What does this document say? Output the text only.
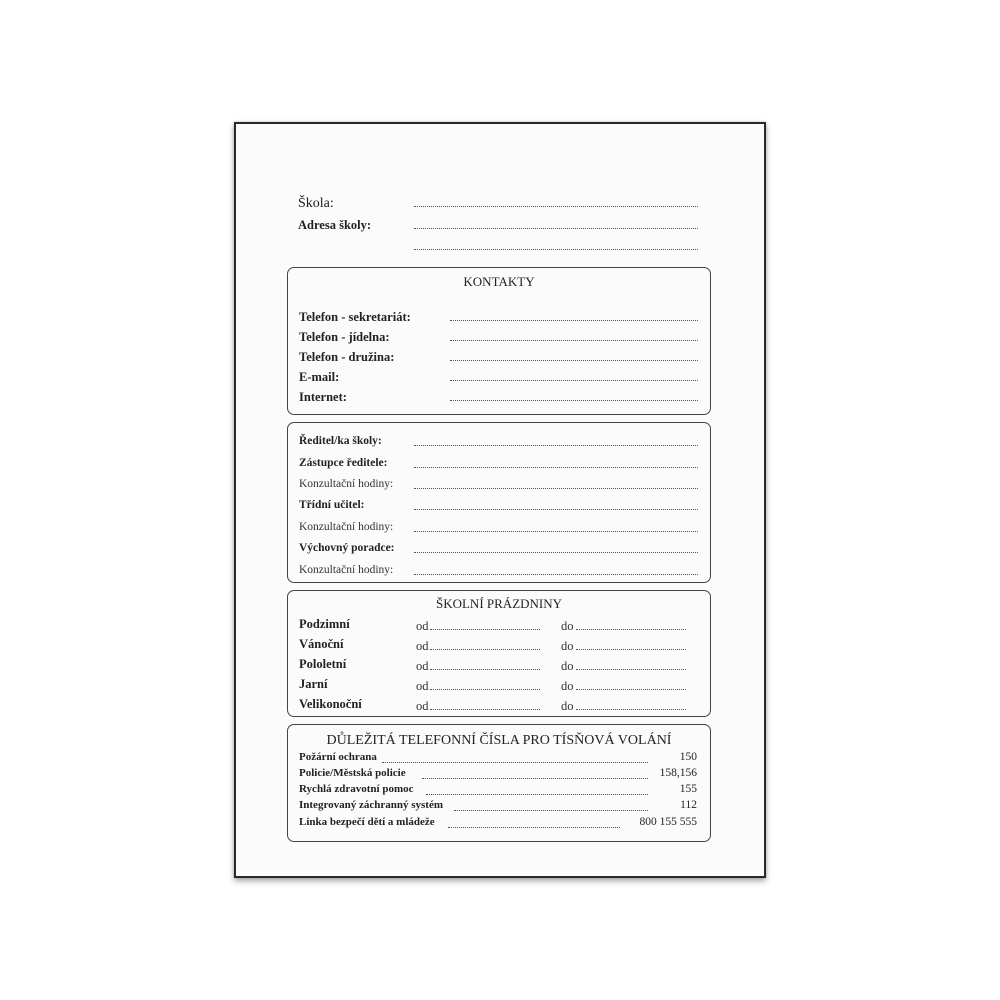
Škola:
Adresa školy:
KONTAKTY
Telefon - sekretariát:
Telefon - jídelna:
Telefon - družina:
E-mail:
Internet:
Ředitel/ka školy:
Zástupce ředitele:
Konzultační hodiny:
Třídní učitel:
Konzultační hodiny:
Výchovný poradce:
Konzultační hodiny:
ŠKOLNÍ PRÁZDNINY
Podzimní	od	do
Vánoční	od	do
Pololetní	od	do
Jarní	od	do
Velikonoční	od	do
DŮLEŽITÁ TELEFONNÍ ČÍSLA PRO TÍSŇOVÁ VOLÁNÍ
Požární ochrana	150
Policie/Městská policie	158,156
Rychlá zdravotní pomoc	155
Integrovaný záchranný systém	112
Linka bezpečí dětí a mládeže	800 155 555
